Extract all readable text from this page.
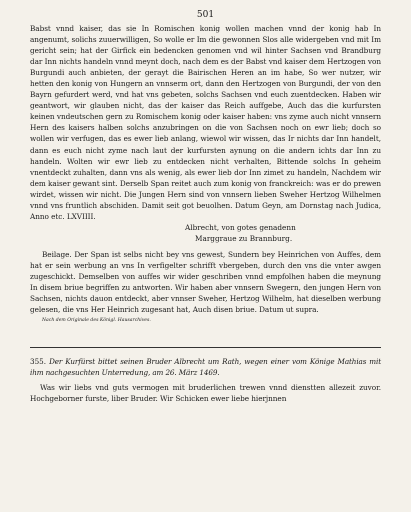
501

Babst vnnd kaiser, das sie In Romischen konig wollen machen vnnd der konig hab In angenumt, solichs zuuerwilligen, So wolle er Im die gewonnen Slos alle widergeben vnd mit Im gericht sein; hat der Girfick ein bedencken genomen vnd wil hinter Sachsen vnd Brandburg dar Inn nichts handeln vnnd meynt doch, nach dem es der Babst vnd kaiser dem Hertzogen von Burgundi auch anbieten, der gerayt die Bairischen Heren an im habe, So wer nutzer, wir hetten den konig von Hungern an vnnserm ort, dann den Hertzogen von Burgundi, der von den Bayrn gefurdert werd, vnd hat vns gebeten, solchs Sachsen vnd euch zuentdecken. Haben wir geantwort, wir glauben nicht, das der kaiser das Reich auffgebe, Auch das die kurfursten keinen vndeutschen gern zu Romischem konig oder kaiser haben: vns zyme auch nicht vnnsern Hern des kaisers halben solchs anzubringen on die von Sachsen noch on ewr lieb; doch so wollen wir verfugen, das es ewer lieb anlang, wiewol wir wissen, das Ir nichts dar Inn handelt, dann es euch nicht zyme nach laut der kurfursten aynung on die andern ichts dar Inn zu handeln. Wolten wir ewr lieb zu entdecken nicht verhalten, Bittende solchs In geheim vnentdeckt zuhalten, dann vns als wenig, als ewer lieb dor Inn zimet zu handeln, Nachdem wir dem kaiser gewant sint. Derselb Span reitet auch zum konig von franckreich: was er do prewen wirdet, wissen wir nicht. Die Jungen Hern sind von vnnsern lieben Sweher Hertzog Wilhelmen vnnd vns fruntlich abschiden. Damit seit got beuolhen. Datum Geyn, am Dornstag nach Judica, Anno etc. LXVIIII.

Albrecht, von gotes genadenn
Marggraue zu Brannburg.

Beilage. Der Span ist selbs nicht bey vns gewest, Sundern bey Heinrichen von Auffes, dem hat er sein werbung an vns In verfigelter schrifft vbergeben, durch den vns die vnter awgen zugeschickt. Demselben von auffes wir wider geschriben vnnd empfolhen haben die meynung In disem briue begriffen zu antworten. Wir haben aber vnnsern Swegern, den jungen Hern von Sachsen, nichts dauon entdeckt, aber vnnser Sweher, Hertzog Wilhelm, hat dieselben werbung gelesen, die vns Her Heinrich zugesant hat, Auch disen briue. Datum ut supra.

Nach dem Originale des Königl. Hausarchives.

355. Der Kurfürst bittet seinen Bruder Albrecht um Rath, wegen einer vom Könige Mathias mit ihm nachgesuchten Unterredung, am 26. März 1469.

Was wir liebs vnd guts vermogen mit bruderlichen trewen vnnd dienstten allezeit zuvor. Hochgeborner furste, liber Bruder. Wir Schicken ewer liebe hierjnnen
